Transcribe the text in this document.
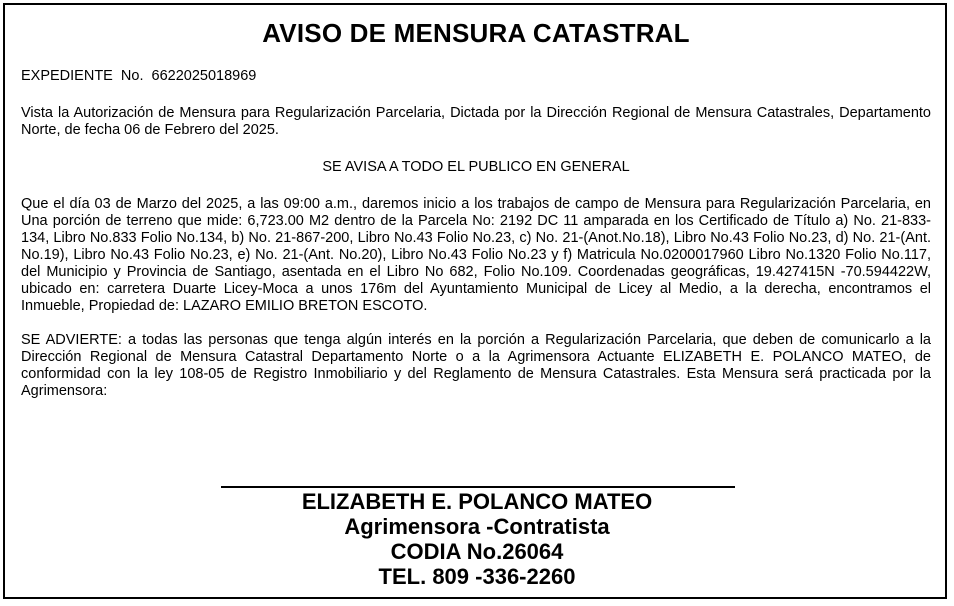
AVISO DE MENSURA CATASTRAL

EXPEDIENTE  No.  6622025018969

Vista la Autorización de Mensura para Regularización Parcelaria, Dictada por la Dirección Regional de Mensura Catastrales, Departamento Norte, de fecha 06 de Febrero del 2025.

SE AVISA A TODO EL PUBLICO EN GENERAL

Que el día 03 de Marzo del 2025, a las 09:00 a.m., daremos inicio a los trabajos de campo de Mensura para Regularización Parcelaria, en Una porción de terreno que mide: 6,723.00 M2 dentro de la Parcela No: 2192 DC 11 amparada en los Certificado de Título a) No. 21-833-134, Libro No.833 Folio No.134, b) No. 21-867-200, Libro No.43 Folio No.23, c) No. 21-(Anot.No.18), Libro No.43 Folio No.23, d) No. 21-(Ant. No.19), Libro No.43 Folio No.23, e) No. 21-(Ant. No.20), Libro No.43 Folio No.23 y f) Matricula No.0200017960 Libro No.1320 Folio No.117, del Municipio y Provincia de Santiago, asentada en el Libro No 682, Folio No.109. Coordenadas geográficas, 19.427415N -70.594422W, ubicado en: carretera Duarte Licey-Moca a unos 176m del Ayuntamiento Municipal de Licey al Medio, a la derecha, encontramos el Inmueble, Propiedad de: LAZARO EMILIO BRETON ESCOTO.

SE ADVIERTE: a todas las personas que tenga algún interés en la porción a Regularización Parcelaria, que deben de comunicarlo a la Dirección Regional de Mensura Catastral Departamento Norte o a la Agrimensora Actuante ELIZABETH E. POLANCO MATEO, de conformidad con la ley 108-05 de Registro Inmobiliario y del Reglamento de Mensura Catastrales. Esta Mensura será practicada por la Agrimensora:

ELIZABETH E. POLANCO MATEO
Agrimensora -Contratista
CODIA No.26064
TEL. 809 -336-2260
